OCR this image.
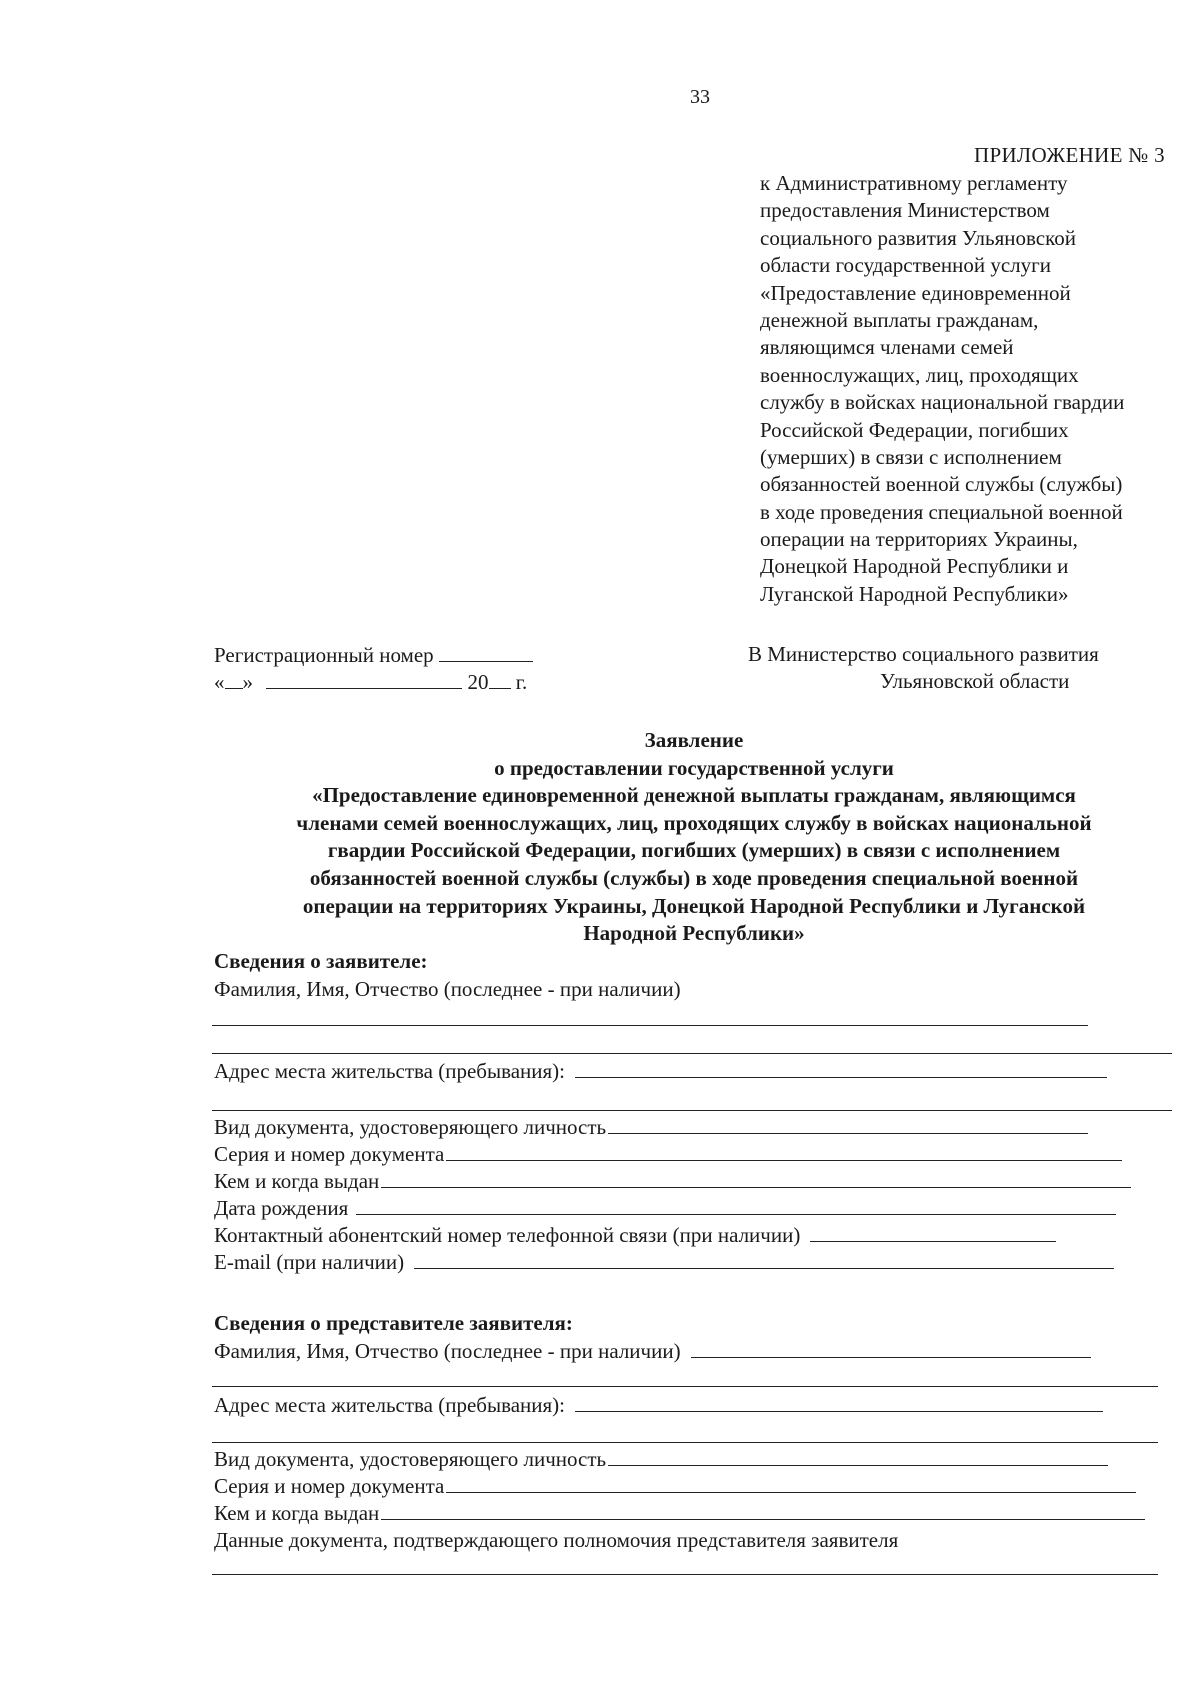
33
ПРИЛОЖЕНИЕ № 3
к Административному регламенту
предоставления Министерством
социального развития Ульяновской
области государственной услуги
«Предоставление единовременной
денежной выплаты гражданам,
являющимся членами семей
военнослужащих, лиц, проходящих
службу в войсках национальной гвардии
Российской Федерации, погибших
(умерших) в связи с исполнением
обязанностей военной службы (службы)
в ходе проведения специальной военной
операции на территориях Украины,
Донецкой Народной Республики и
Луганской Народной Республики»
Регистрационный номер
« »	20 г.
В Министерство социального развития
Ульяновской области
Заявление
о предоставлении государственной услуги
«Предоставление единовременной денежной выплаты гражданам, являющимся
членами семей военнослужащих, лиц, проходящих службу в войсках национальной
гвардии Российской Федерации, погибших (умерших) в связи с исполнением
обязанностей военной службы (службы) в ходе проведения специальной военной
операции на территориях Украины, Донецкой Народной Республики и Луганской
Народной Республики»
Сведения о заявителе:
Фамилия, Имя, Отчество (последнее - при наличии)
Адрес места жительства (пребывания):
Вид документа, удостоверяющего личность
Серия и номер документа
Кем и когда выдан
Дата рождения
Контактный абонентский номер телефонной связи (при наличии)
E-mail (при наличии)
Сведения о представителе заявителя:
Фамилия, Имя, Отчество (последнее - при наличии)
Адрес места жительства (пребывания):
Вид документа, удостоверяющего личность
Серия и номер документа
Кем и когда выдан
Данные документа, подтверждающего полномочия представителя заявителя
